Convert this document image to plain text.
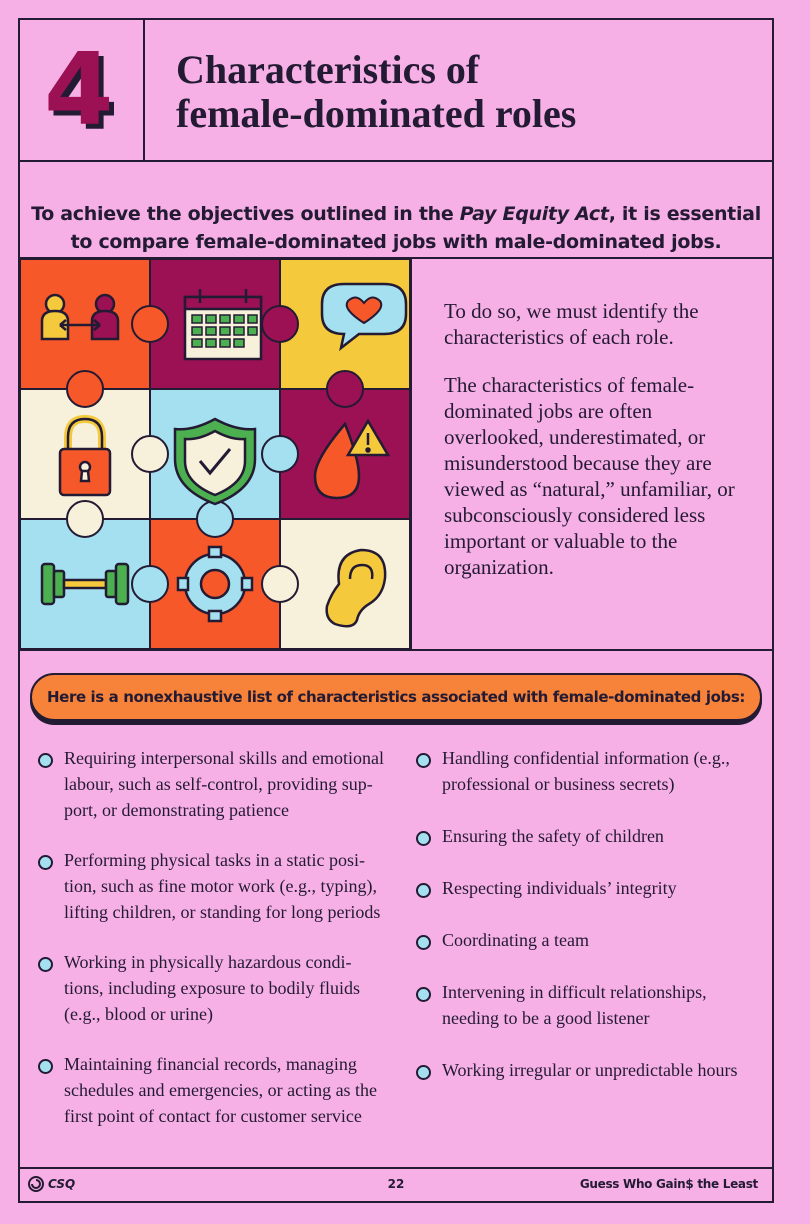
4 Characteristics of
female-dominated roles
To achieve the objectives outlined in the Pay Equity Act, it is essential to compare female-dominated jobs with male-dominated jobs.

To do so, we must identify the characteristics of each role.

The characteristics of female-dominated jobs are often overlooked, underestimated, or misunderstood because they are viewed as “natural,” unfamiliar, or subconsciously considered less important or valuable to the organization.

Here is a nonexhaustive list of characteristics associated with female-dominated jobs:
Requiring interpersonal skills and emotional labour, such as self-control, providing sup-port, or demonstrating patience
Performing physical tasks in a static posi-tion, such as fine motor work (e.g., typing), lifting children, or standing for long periods
Working in physically hazardous condi-tions, including exposure to bodily fluids (e.g., blood or urine)
Maintaining financial records, managing schedules and emergencies, or acting as the first point of contact for customer service
Handling confidential information (e.g., professional or business secrets)
Ensuring the safety of children
Respecting individuals’ integrity
Coordinating a team
Intervening in difficult relationships, needing to be a good listener
Working irregular or unpredictable hours
CSQ	22	Guess Who Gain$ the Least
